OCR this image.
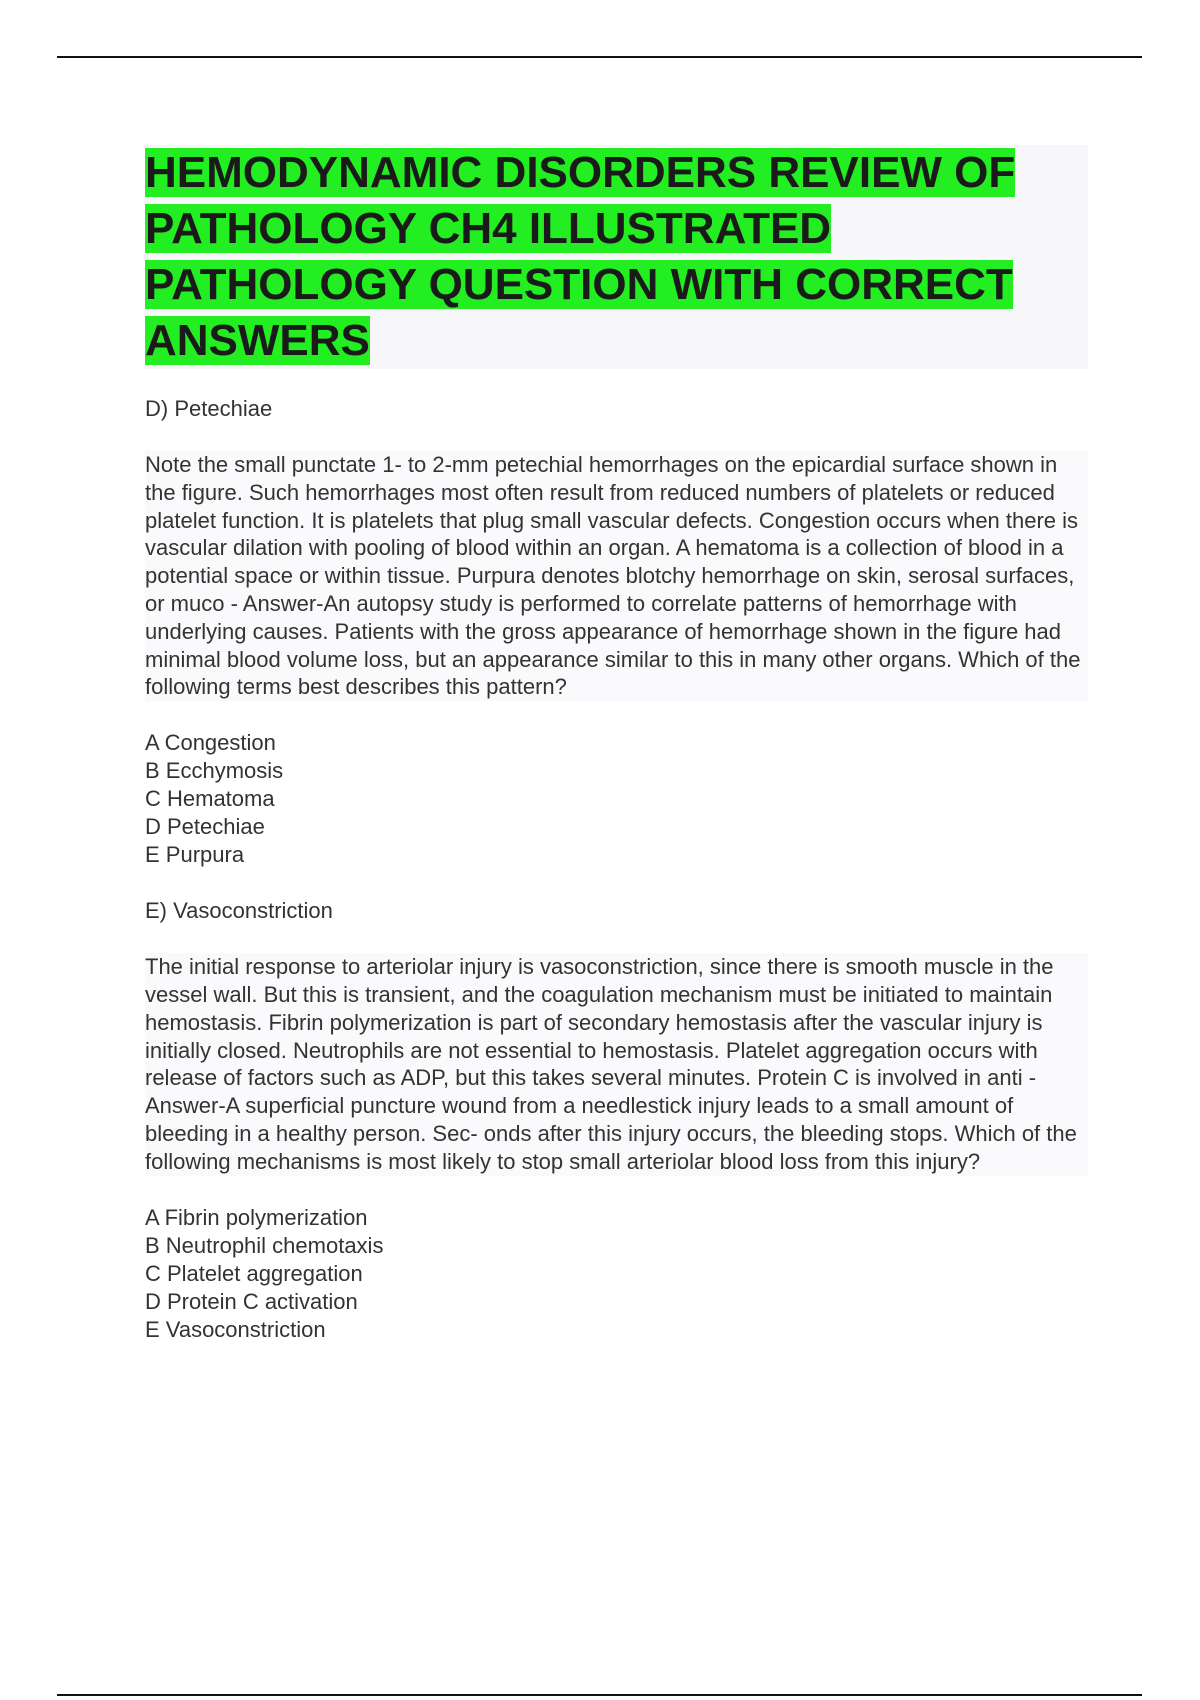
HEMODYNAMIC DISORDERS REVIEW OF PATHOLOGY CH4 ILLUSTRATED PATHOLOGY QUESTION WITH CORRECT ANSWERS

D) Petechiae

Note the small punctate 1- to 2-mm petechial hemorrhages on the epicardial surface shown in the figure. Such hemorrhages most often result from reduced numbers of platelets or reduced platelet function. It is platelets that plug small vascular defects. Congestion occurs when there is vascular dilation with pooling of blood within an organ. A hematoma is a collection of blood in a potential space or within tissue. Purpura denotes blotchy hemorrhage on skin, serosal surfaces, or muco - Answer-An autopsy study is performed to correlate patterns of hemorrhage with underlying causes. Patients with the gross appearance of hemorrhage shown in the figure had minimal blood volume loss, but an appearance similar to this in many other organs. Which of the following terms best describes this pattern?

A Congestion
B Ecchymosis
C Hematoma
D Petechiae
E Purpura

E) Vasoconstriction

The initial response to arteriolar injury is vasoconstriction, since there is smooth muscle in the vessel wall. But this is transient, and the coagulation mechanism must be initiated to maintain hemostasis. Fibrin polymerization is part of secondary hemostasis after the vascular injury is initially closed. Neutrophils are not essential to hemostasis. Platelet aggregation occurs with release of factors such as ADP, but this takes several minutes. Protein C is involved in anti - Answer-A superficial puncture wound from a needlestick injury leads to a small amount of bleeding in a healthy person. Sec- onds after this injury occurs, the bleeding stops. Which of the following mechanisms is most likely to stop small arteriolar blood loss from this injury?

A Fibrin polymerization
B Neutrophil chemotaxis
C Platelet aggregation
D Protein C activation
E Vasoconstriction
